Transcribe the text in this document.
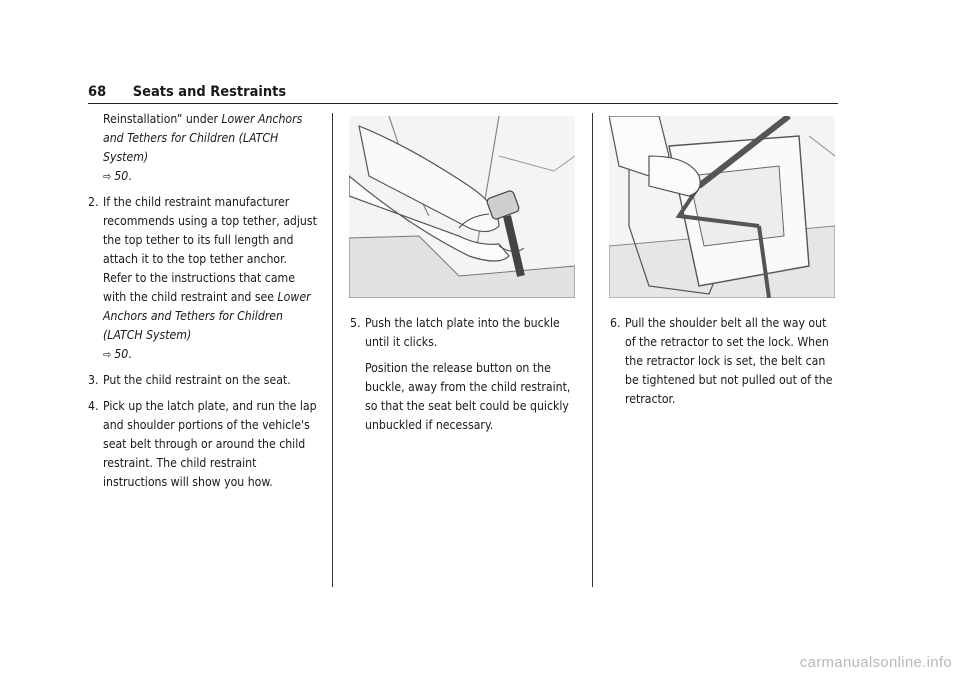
68 Seats and Restraints

Reinstallation” under Lower Anchors and Tethers for Children (LATCH System)
⇨ 50.

2. If the child restraint manufacturer recommends using a top tether, adjust the top tether to its full length and attach it to the top tether anchor. Refer to the instructions that came with the child restraint and see Lower Anchors and Tethers for Children (LATCH System)
⇨ 50.
3. Put the child restraint on the seat.
4. Pick up the latch plate, and run the lap and shoulder portions of the vehicle's seat belt through or around the child restraint. The child restraint instructions will show you how.
5. Push the latch plate into the buckle until it clicks.

Position the release button on the buckle, away from the child restraint, so that the seat belt could be quickly unbuckled if necessary.

6. Pull the shoulder belt all the way out of the retractor to set the lock. When the retractor lock is set, the belt can be tightened but not pulled out of the retractor.
carmanualsonline.info
